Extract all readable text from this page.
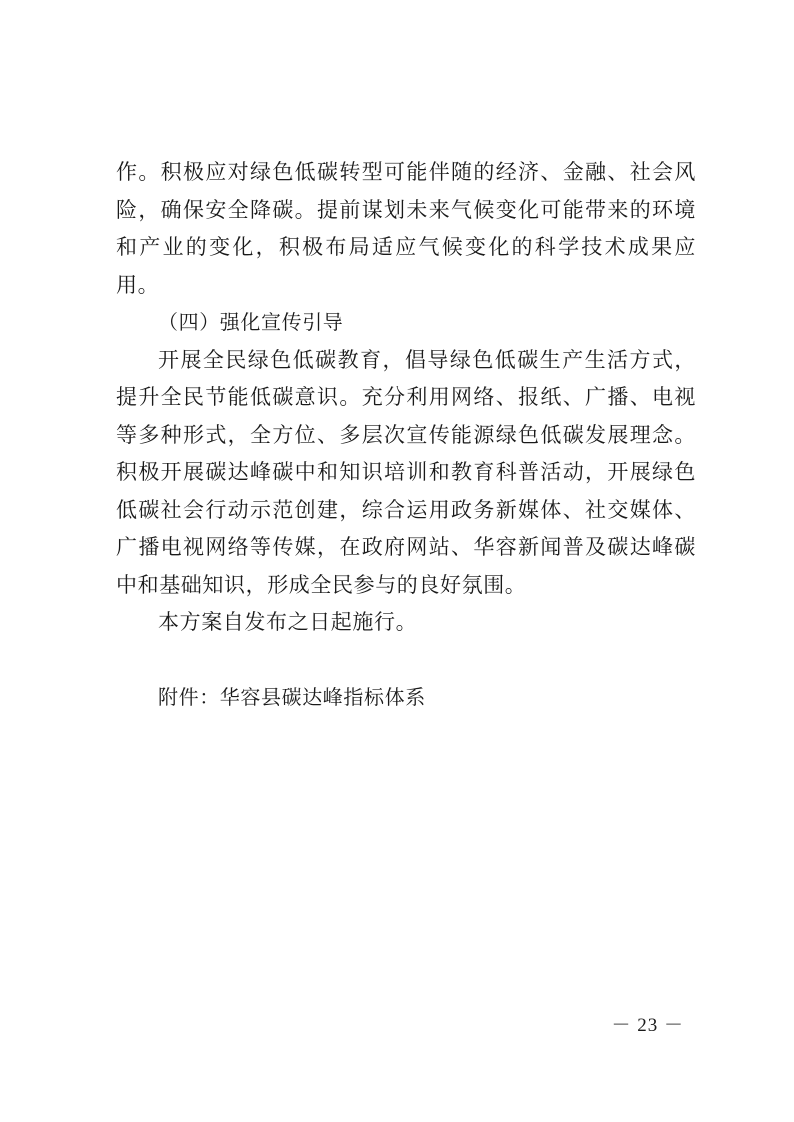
作。积极应对绿色低碳转型可能伴随的经济、金融、社会风险，确保安全降碳。提前谋划未来气候变化可能带来的环境和产业的变化，积极布局适应气候变化的科学技术成果应用。

（四）强化宣传引导

开展全民绿色低碳教育，倡导绿色低碳生产生活方式，提升全民节能低碳意识。充分利用网络、报纸、广播、电视等多种形式，全方位、多层次宣传能源绿色低碳发展理念。积极开展碳达峰碳中和知识培训和教育科普活动，开展绿色低碳社会行动示范创建，综合运用政务新媒体、社交媒体、广播电视网络等传媒，在政府网站、华容新闻普及碳达峰碳中和基础知识，形成全民参与的良好氛围。

本方案自发布之日起施行。

附件：华容县碳达峰指标体系

－ 23 －
